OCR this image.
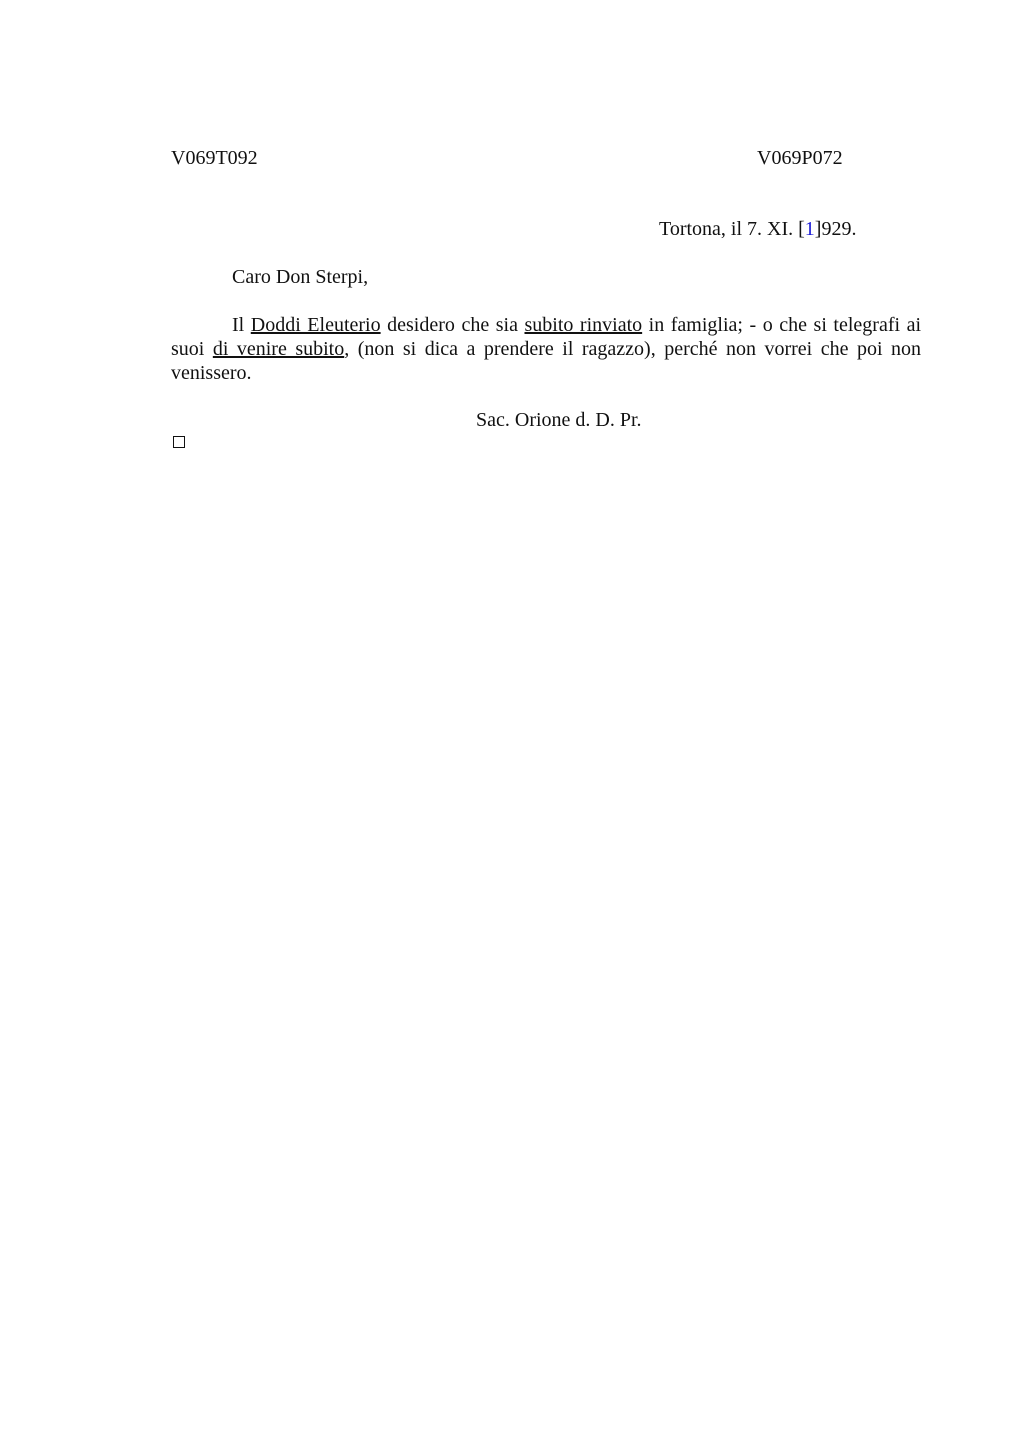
V069T092	V069P072
Tortona, il 7. XI. [1]929.
Caro Don Sterpi,
Il Doddi Eleuterio desidero che sia subito rinviato in famiglia; - o che si telegrafi ai suoi di venire subito, (non si dica a prendere il ragazzo), perché non vorrei che poi non venissero.
Sac. Orione d. D. Pr.
